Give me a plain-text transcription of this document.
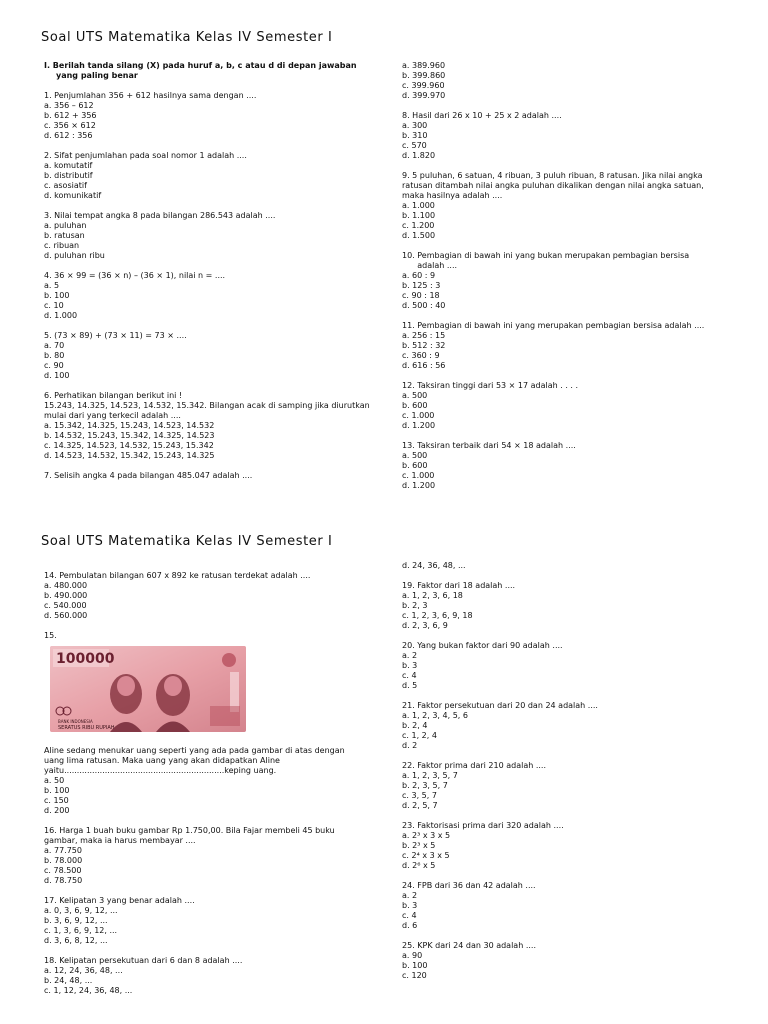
Soal UTS Matematika Kelas IV Semester I
I. Berilah tanda silang (X) pada huruf a, b, c atau d di depan jawaban
yang paling benar
1. Penjumlahan 356 + 612 hasilnya sama dengan ....
a. 356 – 612
b. 612 + 356
c. 356 × 612
d. 612 : 356
2. Sifat penjumlahan pada soal nomor 1 adalah ....
a. komutatif
b. distributif
c. asosiatif
d. komunikatif
3. Nilai tempat angka 8 pada bilangan 286.543 adalah ....
a. puluhan
b. ratusan
c. ribuan
d. puluhan ribu
4. 36 × 99 = (36 × n) – (36 × 1), nilai n = ....
a. 5
b. 100
c. 10
d. 1.000
5. (73 × 89) + (73 × 11) = 73 × ....
a. 70
b. 80
c. 90
d. 100
6. Perhatikan bilangan berikut ini !
15.243, 14.325, 14.523, 14.532, 15.342. Bilangan acak di samping jika diurutkan mulai dari yang terkecil adalah ....
a. 15.342, 14.325, 15.243, 14.523, 14.532
b. 14.532, 15.243, 15.342, 14.325, 14.523
c. 14.325, 14.523, 14.532, 15.243, 15.342
d. 14.523, 14.532, 15.342, 15.243, 14.325
7. Selisih angka 4 pada bilangan 485.047 adalah ....
a. 389.960
b. 399.860
c. 399.960
d. 399.970
8. Hasil dari 26 x 10 + 25 x 2 adalah ....
a. 300
b. 310
c. 570
d. 1.820
9. 5 puluhan, 6 satuan, 4 ribuan, 3 puluh ribuan, 8 ratusan. Jika nilai angka ratusan ditambah nilai angka puluhan dikalikan dengan nilai angka satuan, maka hasilnya adalah ....
a. 1.000
b. 1.100
c. 1.200
d. 1.500
10. Pembagian di bawah ini yang bukan merupakan pembagian bersisa
adalah ....
a. 60 : 9
b. 125 : 3
c. 90 : 18
d. 500 : 40
11. Pembagian di bawah ini yang merupakan pembagian bersisa adalah ....
a. 256 : 15
b. 512 : 32
c. 360 : 9
d. 616 : 56
12. Taksiran tinggi dari 53 × 17 adalah . . . .
a. 500
b. 600
c. 1.000
d. 1.200
13. Taksiran terbaik dari 54 × 18 adalah ....
a. 500
b. 600
c. 1.000
d. 1.200
Soal UTS Matematika Kelas IV Semester I
14. Pembulatan bilangan 607 x 892 ke ratusan terdekat adalah ....
a. 480.000
b. 490.000
c. 540.000
d. 560.000
15.
100000
BANK INDONESIA
SERATUS RIBU RUPIAH
Aline sedang menukar uang seperti yang ada pada gambar di atas dengan uang lima ratusan. Maka uang yang akan didapatkan Aline yaitu...............................................................keping uang.
a. 50
b. 100
c. 150
d. 200
16. Harga 1 buah buku gambar Rp 1.750,00. Bila Fajar membeli 45 buku gambar, maka ia harus membayar ....
a. 77.750
b. 78.000
c. 78.500
d. 78.750
17. Kelipatan 3 yang benar adalah ....
a. 0, 3, 6, 9, 12, ...
b. 3, 6, 9, 12, ...
c. 1, 3, 6, 9, 12, ...
d. 3, 6, 8, 12, ...
18. Kelipatan persekutuan dari 6 dan 8 adalah ....
a. 12, 24, 36, 48, ...
b. 24, 48, ...
c. 1, 12, 24, 36, 48, ...
d. 24, 36, 48, ...
19. Faktor dari 18 adalah ....
a. 1, 2, 3, 6, 18
b. 2, 3
c. 1, 2, 3, 6, 9, 18
d. 2, 3, 6, 9
20. Yang bukan faktor dari 90 adalah ....
a. 2
b. 3
c. 4
d. 5
21. Faktor persekutuan dari 20 dan 24 adalah ....
a. 1, 2, 3, 4, 5, 6
b. 2, 4
c. 1, 2, 4
d. 2
22. Faktor prima dari 210 adalah ....
a. 1, 2, 3, 5, 7
b. 2, 3, 5, 7
c. 3, 5, 7
d. 2, 5, 7
23. Faktorisasi prima dari 320 adalah ....
a. 2³ x 3 x 5
b. 2³ x 5
c. 2⁴ x 3 x 5
d. 2⁶ x 5
24. FPB dari 36 dan 42 adalah ....
a. 2
b. 3
c. 4
d. 6
25. KPK dari 24 dan 30 adalah ....
a. 90
b. 100
c. 120
